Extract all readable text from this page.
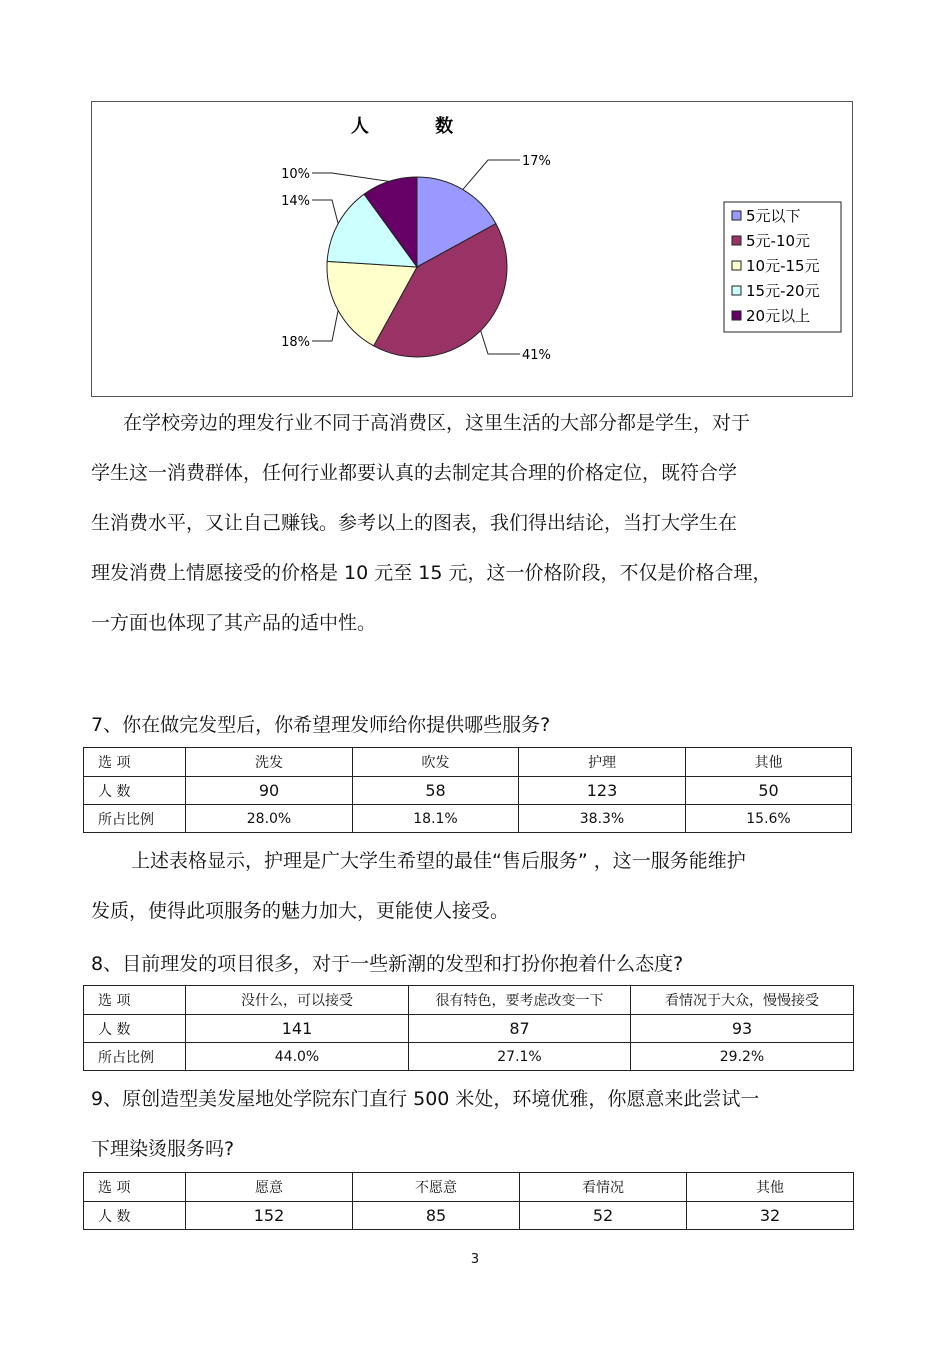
人 数
17%
41%
18%
14%
10%
5元以下
5元-10元
10元-15元
15元-20元
20元以上

在学校旁边的理发行业不同于高消费区，这里生活的大部分都是学生，对于

学生这一消费群体，任何行业都要认真的去制定其合理的价格定位，既符合学

生消费水平，又让自己赚钱。参考以上的图表，我们得出结论，当打大学生在

理发消费上情愿接受的价格是 10 元至 15 元，这一价格阶段，不仅是价格合理，

一方面也体现了其产品的适中性。

7、你在做完发型后，你希望理发师给你提供哪些服务?
选 项	洗发	吹发	护理	其他
人 数	90	58	123	50
所占比例	28.0%	18.1%	38.3%	15.6%

上述表格显示，护理是广大学生希望的最佳“售后服务” ，这一服务能维护

发质，使得此项服务的魅力加大，更能使人接受。

8、目前理发的项目很多，对于一些新潮的发型和打扮你抱着什么态度?
选 项	没什么，可以接受	很有特色，要考虑改变一下	看情况于大众，慢慢接受
人 数	141	87	93
所占比例	44.0%	27.1%	29.2%

9、原创造型美发屋地处学院东门直行 500 米处，环境优雅，你愿意来此尝试一

下理染烫服务吗?

选 项	愿意	不愿意	看情况	其他
人 数	152	85	52	32
3
